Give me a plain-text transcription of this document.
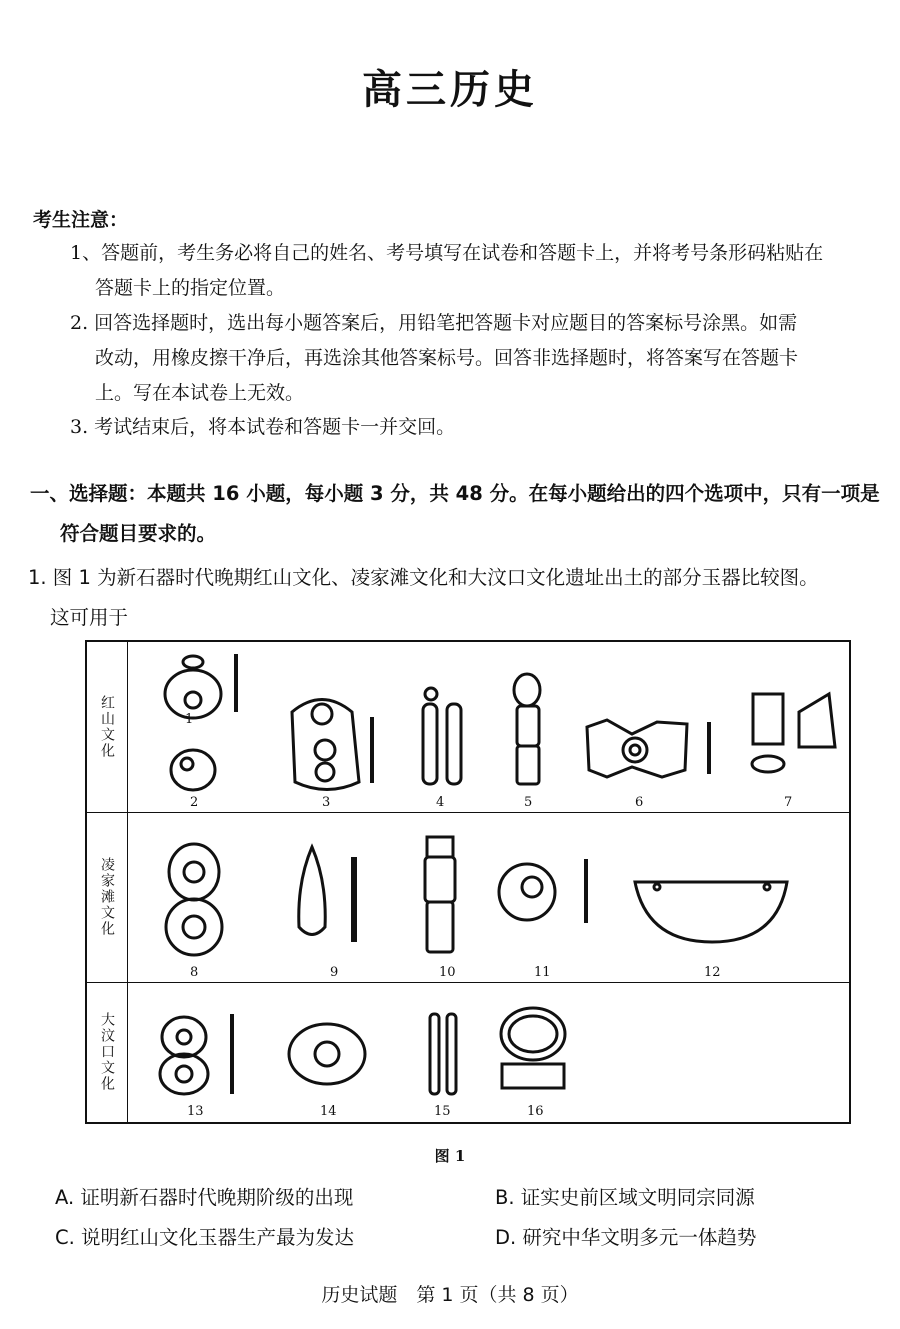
高三历史
考生注意：
1、答题前，考生务必将自己的姓名、考号填写在试卷和答题卡上，并将考号条形码粘贴在
答题卡上的指定位置。
2. 回答选择题时，选出每小题答案后，用铅笔把答题卡对应题目的答案标号涂黑。如需
改动，用橡皮擦干净后，再选涂其他答案标号。回答非选择题时，将答案写在答题卡
上。写在本试卷上无效。
3. 考试结束后，将本试卷和答题卡一并交回。
一、选择题：本题共 16 小题，每小题 3 分，共 48 分。在每小题给出的四个选项中，只有一项是
符合题目要求的。
1. 图 1 为新石器时代晚期红山文化、凌家滩文化和大汶口文化遗址出土的部分玉器比较图。
这可用于
红山文化
凌家滩文化
大汶口文化
1
2	3	4	5	6	7
8	9	10	11	12
13	14	15	16
图 1
A. 证明新石器时代晚期阶级的出现	B. 证实史前区域文明同宗同源
C. 说明红山文化玉器生产最为发达	D. 研究中华文明多元一体趋势
历史试题　第 1 页（共 8 页）
